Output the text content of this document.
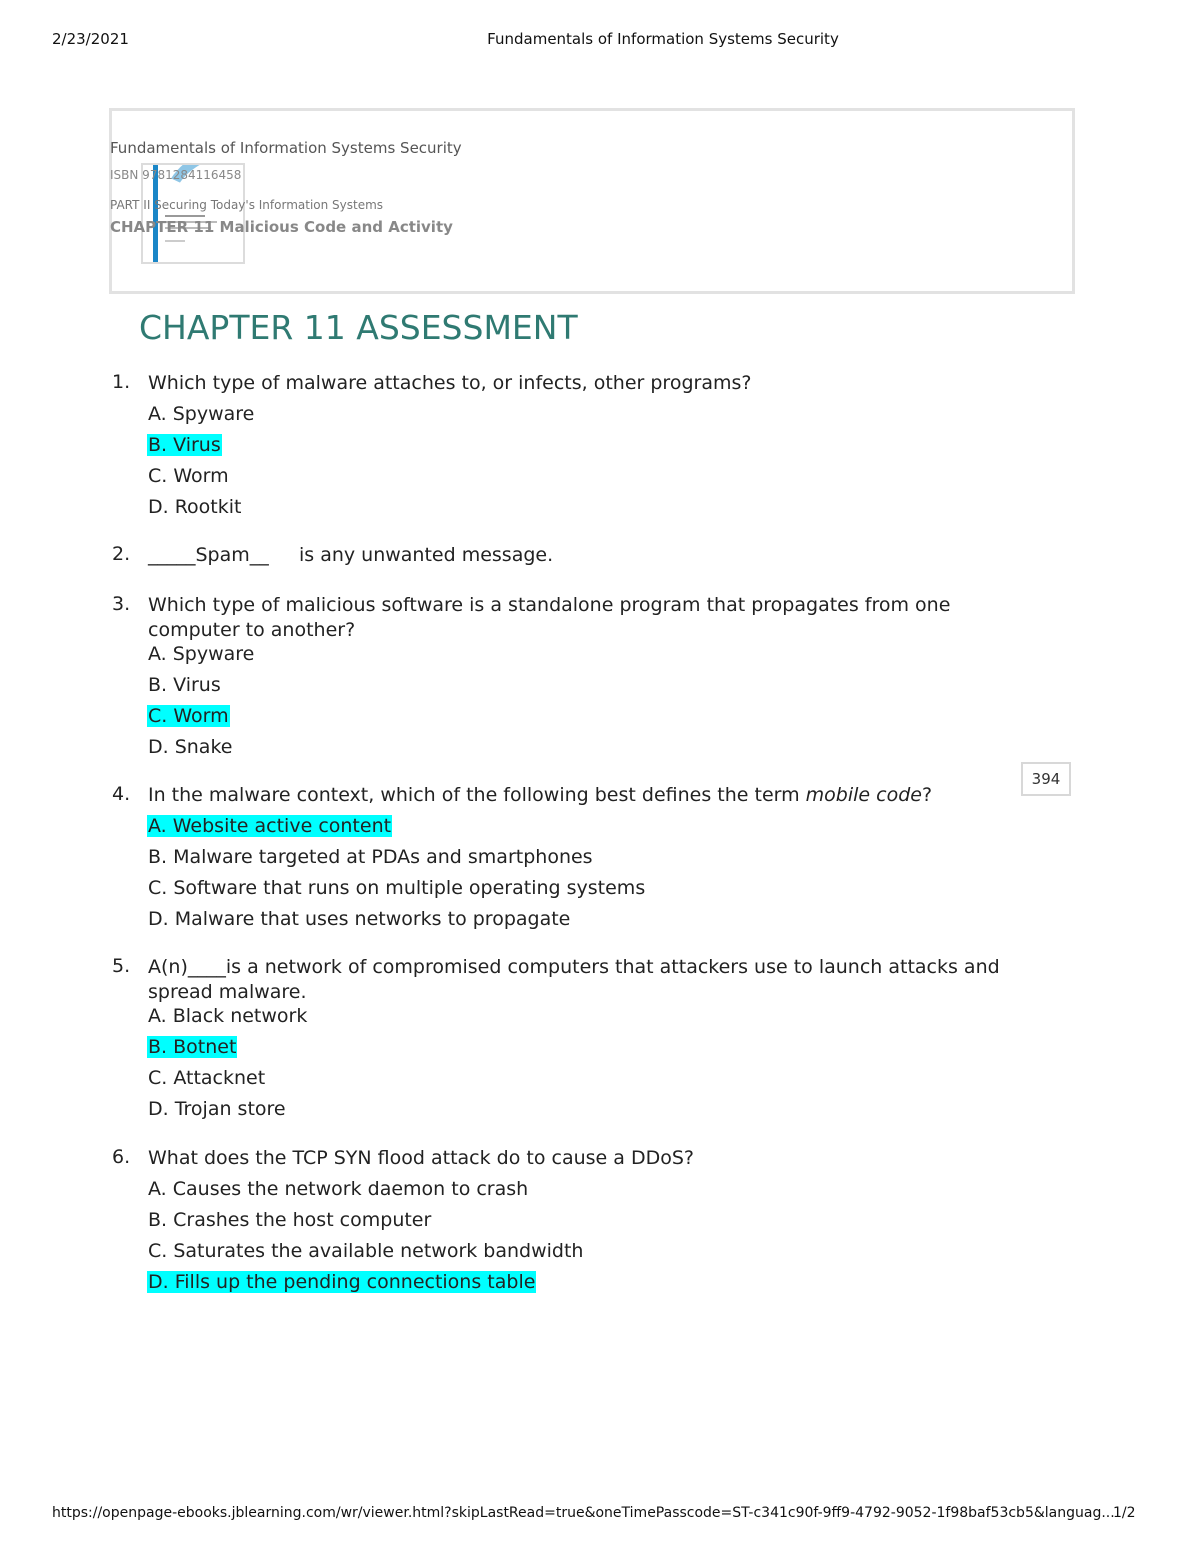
2/23/2021	Fundamentals of Information Systems Security
Fundamentals of Information Systems Security
ISBN 9781284116458
PART II Securing Today's Information Systems
CHAPTER 11 Malicious Code and Activity
CHAPTER 11 ASSESSMENT
1. Which type of malware attaches to, or infects, other programs?
A. Spyware
B. Virus
C. Worm
D. Rootkit
2. _____Spam__     is any unwanted message.
3. Which type of malicious software is a standalone program that propagates from one computer to another?
A. Spyware
B. Virus
C. Worm
D. Snake
394
4. In the malware context, which of the following best defines the term mobile code?
A. Website active content
B. Malware targeted at PDAs and smartphones
C. Software that runs on multiple operating systems
D. Malware that uses networks to propagate
5. A(n)____is a network of compromised computers that attackers use to launch attacks and spread malware.
A. Black network
B. Botnet
C. Attacknet
D. Trojan store
6. What does the TCP SYN flood attack do to cause a DDoS?
A. Causes the network daemon to crash
B. Crashes the host computer
C. Saturates the available network bandwidth
D. Fills up the pending connections table
https://openpage-ebooks.jblearning.com/wr/viewer.html?skipLastRead=true&oneTimePasscode=ST-c341c90f-9ff9-4792-9052-1f98baf53cb5&languag...
1/2
